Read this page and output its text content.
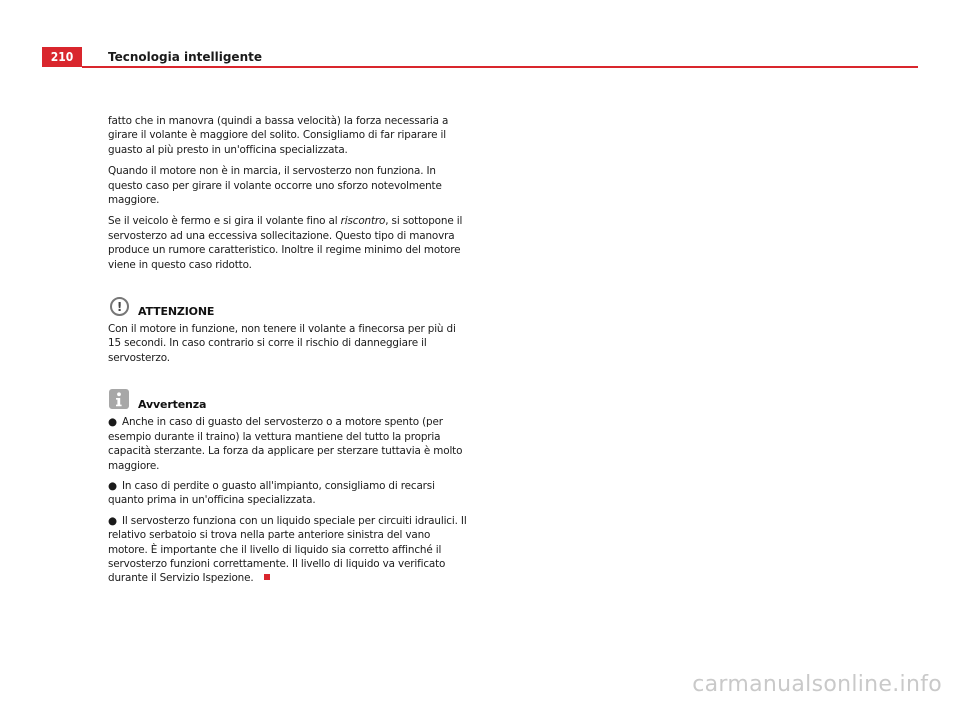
210	Tecnologia intelligente

fatto che in manovra (quindi a bassa velocità) la forza necessaria a girare il volante è maggiore del solito. Consigliamo di far riparare il guasto al più presto in un'officina specializzata.

Quando il motore non è in marcia, il servosterzo non funziona. In questo caso per girare il volante occorre uno sforzo notevolmente maggiore.

Se il veicolo è fermo e si gira il volante fino al riscontro, si sottopone il servosterzo ad una eccessiva sollecitazione. Questo tipo di manovra produce un rumore caratteristico. Inoltre il regime minimo del motore viene in questo caso ridotto.

!	ATTENZIONE

Con il motore in funzione, non tenere il volante a finecorsa per più di 15 secondi. In caso contrario si corre il rischio di danneggiare il servosterzo.

Avvertenza

● Anche in caso di guasto del servosterzo o a motore spento (per esempio durante il traino) la vettura mantiene del tutto la propria capacità sterzante. La forza da applicare per sterzare tuttavia è molto maggiore.

● In caso di perdite o guasto all'impianto, consigliamo di recarsi quanto prima in un'officina specializzata.

● Il servosterzo funziona con un liquido speciale per circuiti idraulici. Il relativo serbatoio si trova nella parte anteriore sinistra del vano motore. È importante che il livello di liquido sia corretto affinché il servosterzo funzioni correttamente. Il livello di liquido va verificato durante il Servizio Ispezione.

carmanualsonline.info
